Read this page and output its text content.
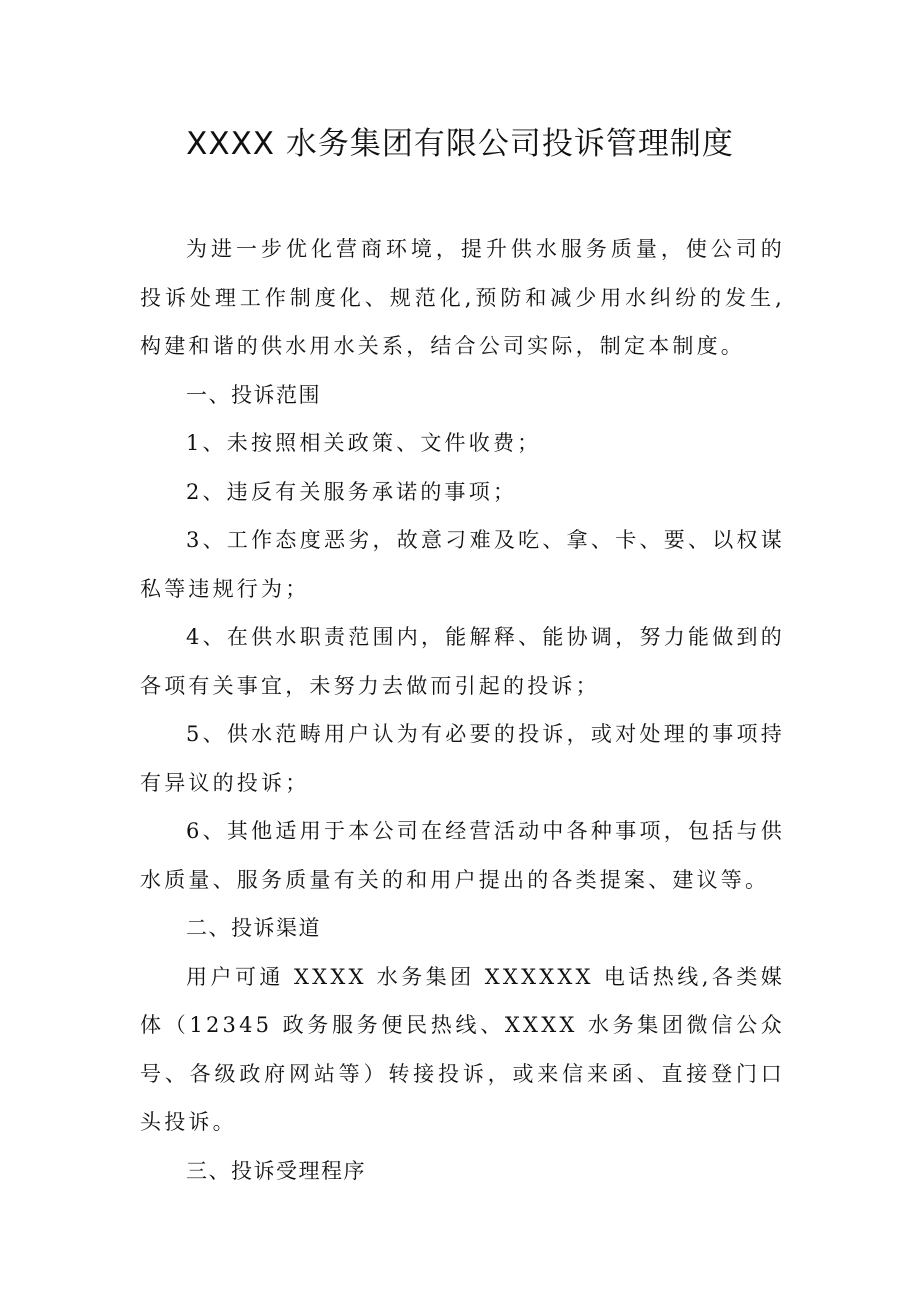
XXXX 水务集团有限公司投诉管理制度

为进一步优化营商环境，提升供水服务质量，使公司的投诉处理工作制度化、规范化,预防和减少用水纠纷的发生,构建和谐的供水用水关系，结合公司实际，制定本制度。

一、投诉范围

1、未按照相关政策、文件收费；

2、违反有关服务承诺的事项；

3、工作态度恶劣，故意刁难及吃、拿、卡、要、以权谋私等违规行为；

4、在供水职责范围内，能解释、能协调，努力能做到的各项有关事宜，未努力去做而引起的投诉；

5、供水范畴用户认为有必要的投诉，或对处理的事项持有异议的投诉；

6、其他适用于本公司在经营活动中各种事项，包括与供水质量、服务质量有关的和用户提出的各类提案、建议等。

二、投诉渠道

用户可通 XXXX 水务集团 XXXXXX 电话热线,各类媒体（12345 政务服务便民热线、XXXX 水务集团微信公众号、各级政府网站等）转接投诉，或来信来函、直接登门口头投诉。

三、投诉受理程序
